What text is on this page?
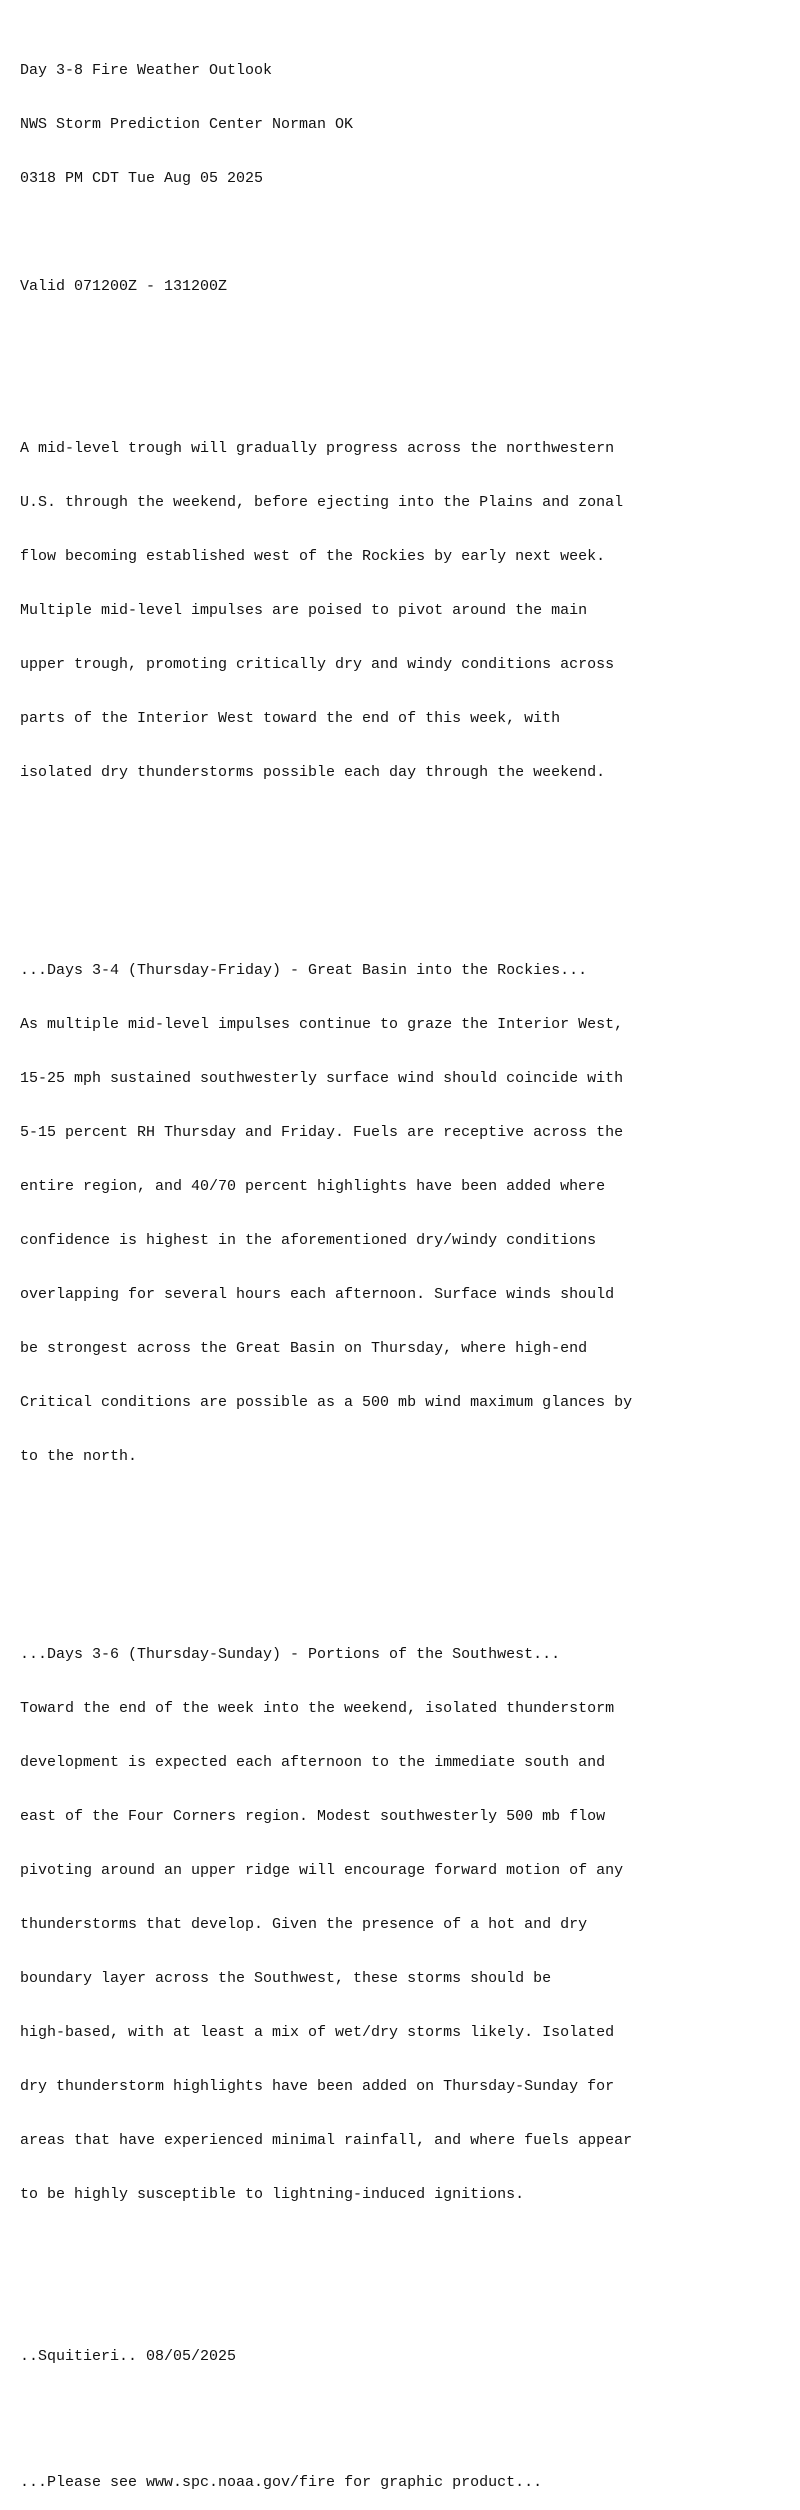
Day 3-8 Fire Weather Outlook

NWS Storm Prediction Center Norman OK

0318 PM CDT Tue Aug 05 2025

Valid 071200Z - 131200Z

A mid-level trough will gradually progress across the northwestern

U.S. through the weekend, before ejecting into the Plains and zonal

flow becoming established west of the Rockies by early next week.

Multiple mid-level impulses are poised to pivot around the main

upper trough, promoting critically dry and windy conditions across

parts of the Interior West toward the end of this week, with

isolated dry thunderstorms possible each day through the weekend.

...Days 3-4 (Thursday-Friday) - Great Basin into the Rockies...

As multiple mid-level impulses continue to graze the Interior West,

15-25 mph sustained southwesterly surface wind should coincide with

5-15 percent RH Thursday and Friday. Fuels are receptive across the

entire region, and 40/70 percent highlights have been added where

confidence is highest in the aforementioned dry/windy conditions

overlapping for several hours each afternoon. Surface winds should

be strongest across the Great Basin on Thursday, where high-end

Critical conditions are possible as a 500 mb wind maximum glances by

to the north.

...Days 3-6 (Thursday-Sunday) - Portions of the Southwest...

Toward the end of the week into the weekend, isolated thunderstorm

development is expected each afternoon to the immediate south and

east of the Four Corners region. Modest southwesterly 500 mb flow

pivoting around an upper ridge will encourage forward motion of any

thunderstorms that develop. Given the presence of a hot and dry

boundary layer across the Southwest, these storms should be

high-based, with at least a mix of wet/dry storms likely. Isolated

dry thunderstorm highlights have been added on Thursday-Sunday for

areas that have experienced minimal rainfall, and where fuels appear

to be highly susceptible to lightning-induced ignitions.

..Squitieri.. 08/05/2025

...Please see www.spc.noaa.gov/fire for graphic product...
